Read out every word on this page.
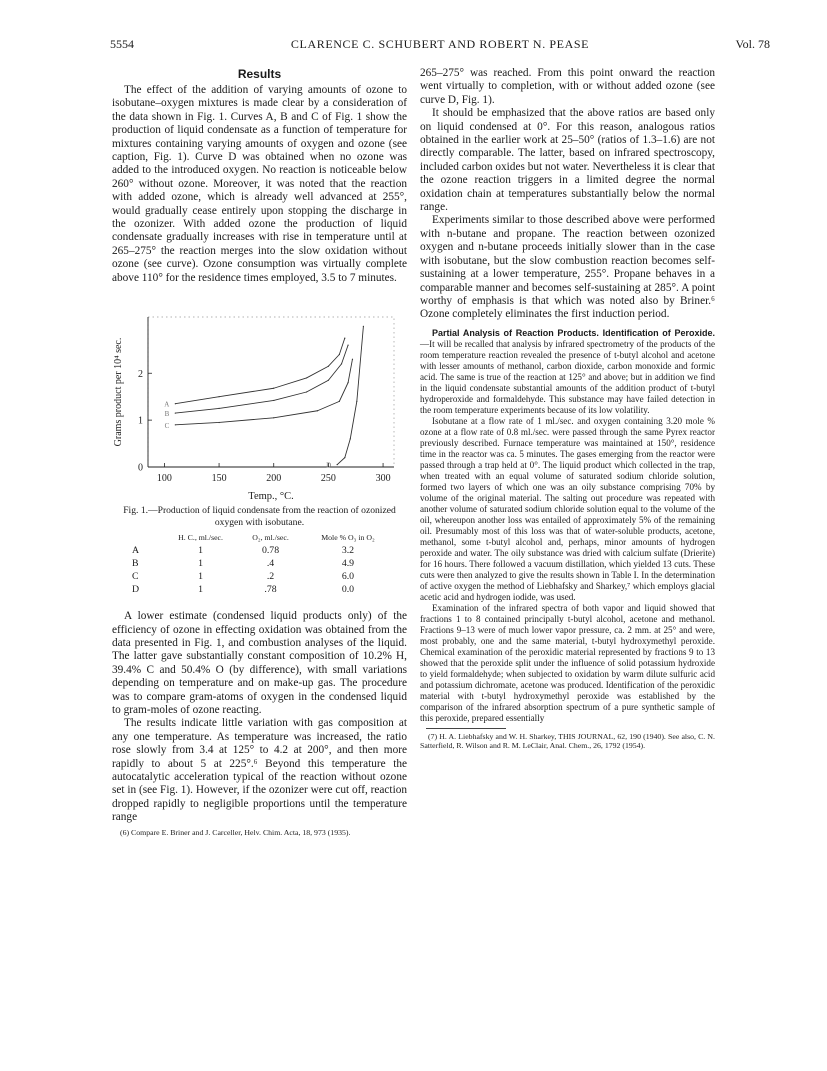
5554	CLARENCE C. SCHUBERT AND ROBERT N. PEASE	Vol. 78
Results

The effect of the addition of varying amounts of ozone to isobutane–oxygen mixtures is made clear by a consideration of the data shown in Fig. 1. Curves A, B and C of Fig. 1 show the production of liquid condensate as a function of temperature for mixtures containing varying amounts of oxygen and ozone (see caption, Fig. 1). Curve D was obtained when no ozone was added to the introduced oxygen. No reaction is noticeable below 260° without ozone. Moreover, it was noted that the reaction with added ozone, which is already well advanced at 255°, would gradually cease entirely upon stopping the discharge in the ozonizer. With added ozone the production of liquid condensate gradually increases with rise in temperature until at 265–275° the reaction merges into the slow oxidation without ozone (see curve). Ozone consumption was virtually complete above 110° for the residence times employed, 3.5 to 7 minutes.

100	150	200	250	300
0
1
2
Temp., °C.
Grams product per 10⁴ sec.	A
B
C
D
Fig. 1.—Production of liquid condensate from the reaction of ozonized oxygen with isobutane.
	H. C., ml./sec.	O₂, ml./sec.	Mole % O₃ in O₂
A	1	0.78	3.2
B	1	.4	4.9
C	1	.2	6.0
D	1	.78	0.0

A lower estimate (condensed liquid products only) of the efficiency of ozone in effecting oxidation was obtained from the data presented in Fig. 1, and combustion analyses of the liquid. The latter gave substantially constant composition of 10.2% H, 39.4% C and 50.4% O (by difference), with small variations depending on temperature and on make-up gas. The procedure was to compare gram-atoms of oxygen in the condensed liquid to gram-moles of ozone reacting.

The results indicate little variation with gas composition at any one temperature. As temperature was increased, the ratio rose slowly from 3.4 at 125° to 4.2 at 200°, and then more rapidly to about 5 at 225°.⁶ Beyond this temperature the autocatalytic acceleration typical of the reaction without ozone set in (see Fig. 1). However, if the ozonizer were cut off, reaction dropped rapidly to negligible proportions until the temperature range

(6) Compare E. Briner and J. Carceller, Helv. Chim. Acta, 18, 973 (1935).

265–275° was reached. From this point onward the reaction went virtually to completion, with or without added ozone (see curve D, Fig. 1).

It should be emphasized that the above ratios are based only on liquid condensed at 0°. For this reason, analogous ratios obtained in the earlier work at 25–50° (ratios of 1.3–1.6) are not directly comparable. The latter, based on infrared spectroscopy, included carbon oxides but not water. Nevertheless it is clear that the ozone reaction triggers in a limited degree the normal oxidation chain at temperatures substantially below the normal range.

Experiments similar to those described above were performed with n-butane and propane. The reaction between ozonized oxygen and n-butane proceeds initially slower than in the case with isobutane, but the slow combustion reaction becomes self-sustaining at a lower temperature, 255°. Propane behaves in a comparable manner and becomes self-sustaining at 285°. A point worthy of emphasis is that which was noted also by Briner.⁶ Ozone completely eliminates the first induction period.

Partial Analysis of Reaction Products. Identification of Peroxide.—It will be recalled that analysis by infrared spectrometry of the products of the room temperature reaction revealed the presence of t-butyl alcohol and acetone with lesser amounts of methanol, carbon dioxide, carbon monoxide and formic acid. The same is true of the reaction at 125° and above; but in addition we find in the liquid condensate substantial amounts of the addition product of t-butyl hydroperoxide and formaldehyde. This substance may have failed detection in the room temperature experiments because of its low volatility.

Isobutane at a flow rate of 1 ml./sec. and oxygen containing 3.20 mole % ozone at a flow rate of 0.8 ml./sec. were passed through the same Pyrex reactor previously described. Furnace temperature was maintained at 150°, residence time in the reactor was ca. 5 minutes. The gases emerging from the reactor were passed through a trap held at 0°. The liquid product which collected in the trap, when treated with an equal volume of saturated sodium chloride solution, formed two layers of which one was an oily substance comprising 70% by volume of the original material. The salting out procedure was repeated with another volume of saturated sodium chloride solution equal to the volume of the oil, whereupon another loss was entailed of approximately 5% of the remaining oil. Presumably most of this loss was that of water-soluble products, acetone, methanol, some t-butyl alcohol and, perhaps, minor amounts of hydrogen peroxide and water. The oily substance was dried with calcium sulfate (Drierite) for 16 hours. There followed a vacuum distillation, which yielded 13 cuts. These cuts were then analyzed to give the results shown in Table I. In the determination of active oxygen the method of Liebhafsky and Sharkey,⁷ which employs glacial acetic acid and hydrogen iodide, was used.

Examination of the infrared spectra of both vapor and liquid showed that fractions 1 to 8 contained principally t-butyl alcohol, acetone and methanol. Fractions 9–13 were of much lower vapor pressure, ca. 2 mm. at 25° and were, most probably, one and the same material, t-butyl hydroxymethyl peroxide. Chemical examination of the peroxidic material represented by fractions 9 to 13 showed that the peroxide split under the influence of solid potassium hydroxide to yield formaldehyde; when subjected to oxidation by warm dilute sulfuric acid and potassium dichromate, acetone was produced. Identification of the peroxidic material with t-butyl hydroxymethyl peroxide was established by the comparison of the infrared absorption spectrum of a pure synthetic sample of this peroxide, prepared essentially

(7) H. A. Liebhafsky and W. H. Sharkey, THIS JOURNAL, 62, 190 (1940). See also, C. N. Satterfield, R. Wilson and R. M. LeClair, Anal. Chem., 26, 1792 (1954).
